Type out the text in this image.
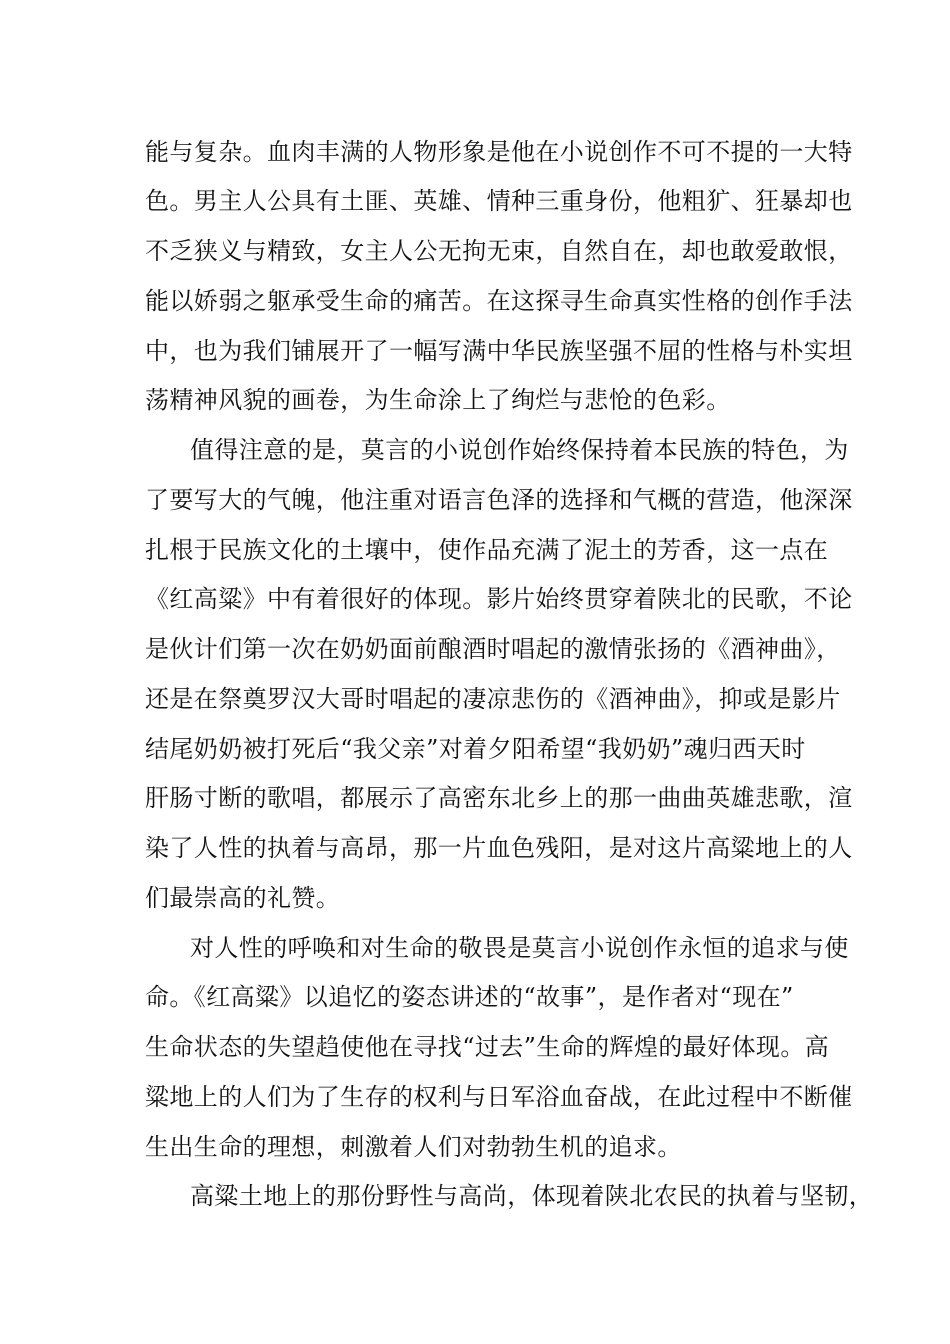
能与复杂。血肉丰满的人物形象是他在小说创作不可不提的一大特
色。男主人公具有土匪、英雄、情种三重身份，他粗犷、狂暴却也
不乏狭义与精致，女主人公无拘无束，自然自在，却也敢爱敢恨，
能以娇弱之躯承受生命的痛苦。在这探寻生命真实性格的创作手法
中，也为我们铺展开了一幅写满中华民族坚强不屈的性格与朴实坦
荡精神风貌的画卷，为生命涂上了绚烂与悲怆的色彩。
值得注意的是，莫言的小说创作始终保持着本民族的特色，为
了要写大的气魄，他注重对语言色泽的选择和气概的营造，他深深
扎根于民族文化的土壤中，使作品充满了泥土的芳香，这一点在
《红高粱》中有着很好的体现。影片始终贯穿着陕北的民歌，不论
是伙计们第一次在奶奶面前酿酒时唱起的激情张扬的《酒神曲》，
还是在祭奠罗汉大哥时唱起的凄凉悲伤的《酒神曲》，抑或是影片
结尾奶奶被打死后“我父亲”对着夕阳希望“我奶奶”魂归西天时
肝肠寸断的歌唱，都展示了高密东北乡上的那一曲曲英雄悲歌，渲
染了人性的执着与高昂，那一片血色残阳，是对这片高粱地上的人
们最崇高的礼赞。
对人性的呼唤和对生命的敬畏是莫言小说创作永恒的追求与使
命。《红高粱》以追忆的姿态讲述的“故事”，是作者对“现在”
生命状态的失望趋使他在寻找“过去”生命的辉煌的最好体现。高
粱地上的人们为了生存的权利与日军浴血奋战，在此过程中不断催
生出生命的理想，刺激着人们对勃勃生机的追求。
高粱土地上的那份野性与高尚，体现着陕北农民的执着与坚韧，
